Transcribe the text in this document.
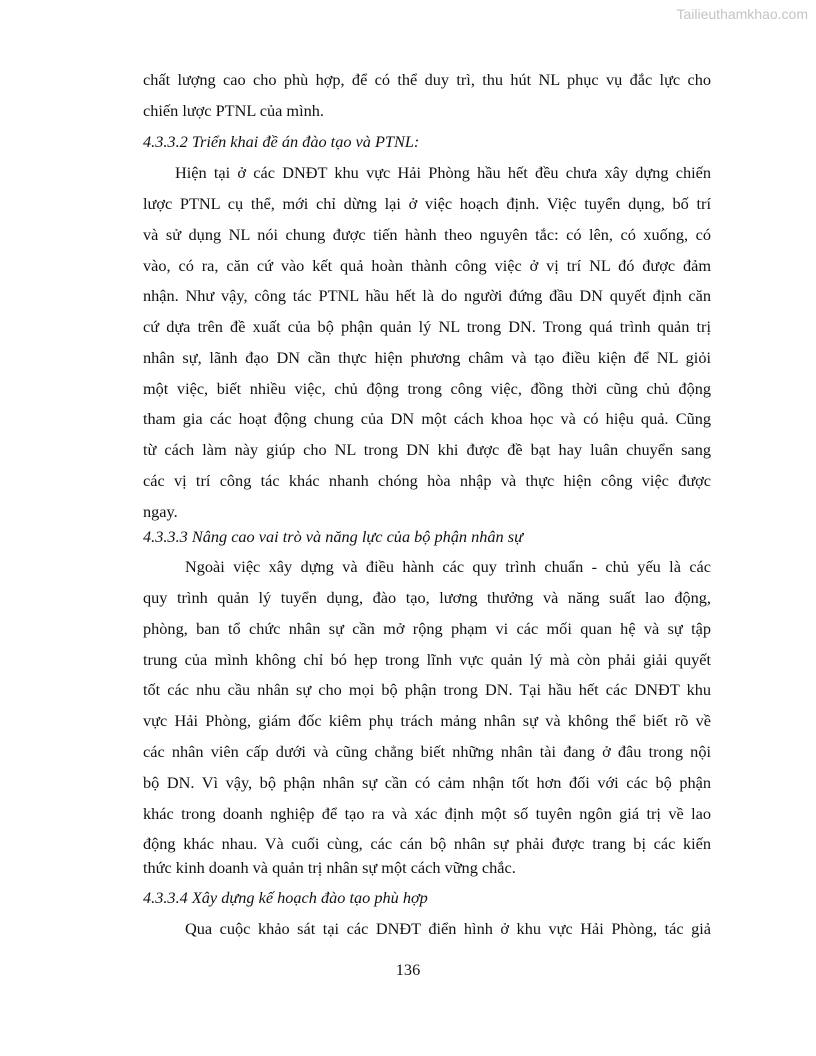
Tailieuthamkhao.com
chất lượng cao cho phù hợp, để có thể duy trì, thu hút NL phục vụ đắc lực cho
chiến lược PTNL của mình.
4.3.3.2 Triển khai đề án đào tạo và PTNL:
Hiện tại ở các DNĐT khu vực Hải Phòng hầu hết đều chưa xây dựng chiến
lược PTNL cụ thể, mới chỉ dừng lại ở việc hoạch định. Việc tuyển dụng, bố trí
và sử dụng NL nói chung được tiến hành theo nguyên tắc: có lên, có xuống, có
vào, có ra, căn cứ vào kết quả hoàn thành công việc ở vị trí NL đó được đảm
nhận. Như vậy, công tác PTNL hầu hết là do người đứng đầu DN quyết định căn
cứ dựa trên đề xuất của bộ phận quản lý NL trong DN. Trong quá trình quản trị
nhân sự, lãnh đạo DN cần thực hiện phương châm và tạo điều kiện để NL giỏi
một việc, biết nhiều việc, chủ động trong công việc, đồng thời cũng chủ động
tham gia các hoạt động chung của DN một cách khoa học và có hiệu quả. Cũng
từ cách làm này giúp cho NL trong DN khi được đề bạt hay luân chuyển sang
các vị trí công tác khác nhanh chóng hòa nhập và thực hiện công việc được
ngay.
4.3.3.3 Nâng cao vai trò và năng lực của bộ phận nhân sự
Ngoài việc xây dựng và điều hành các quy trình chuẩn - chủ yếu là các
quy trình quản lý tuyển dụng, đào tạo, lương thưởng và năng suất lao động,
phòng, ban tổ chức nhân sự cần mở rộng phạm vi các mối quan hệ và sự tập
trung của mình không chỉ bó hẹp trong lĩnh vực quản lý mà còn phải giải quyết
tốt các nhu cầu nhân sự cho mọi bộ phận trong DN. Tại hầu hết các DNĐT khu
vực Hải Phòng, giám đốc kiêm phụ trách mảng nhân sự và không thể biết rõ về
các nhân viên cấp dưới và cũng chẳng biết những nhân tài đang ở đâu trong nội
bộ DN. Vì vậy, bộ phận nhân sự cần có cảm nhận tốt hơn đối với các bộ phận
khác trong doanh nghiệp để tạo ra và xác định một số tuyên ngôn giá trị về lao
động khác nhau. Và cuối cùng, các cán bộ nhân sự phải được trang bị các kiến
thức kinh doanh và quản trị nhân sự một cách vững chắc.
4.3.3.4 Xây dựng kế hoạch đào tạo phù hợp
Qua cuộc khảo sát tại các DNĐT điển hình ở khu vực Hải Phòng, tác giả
136
